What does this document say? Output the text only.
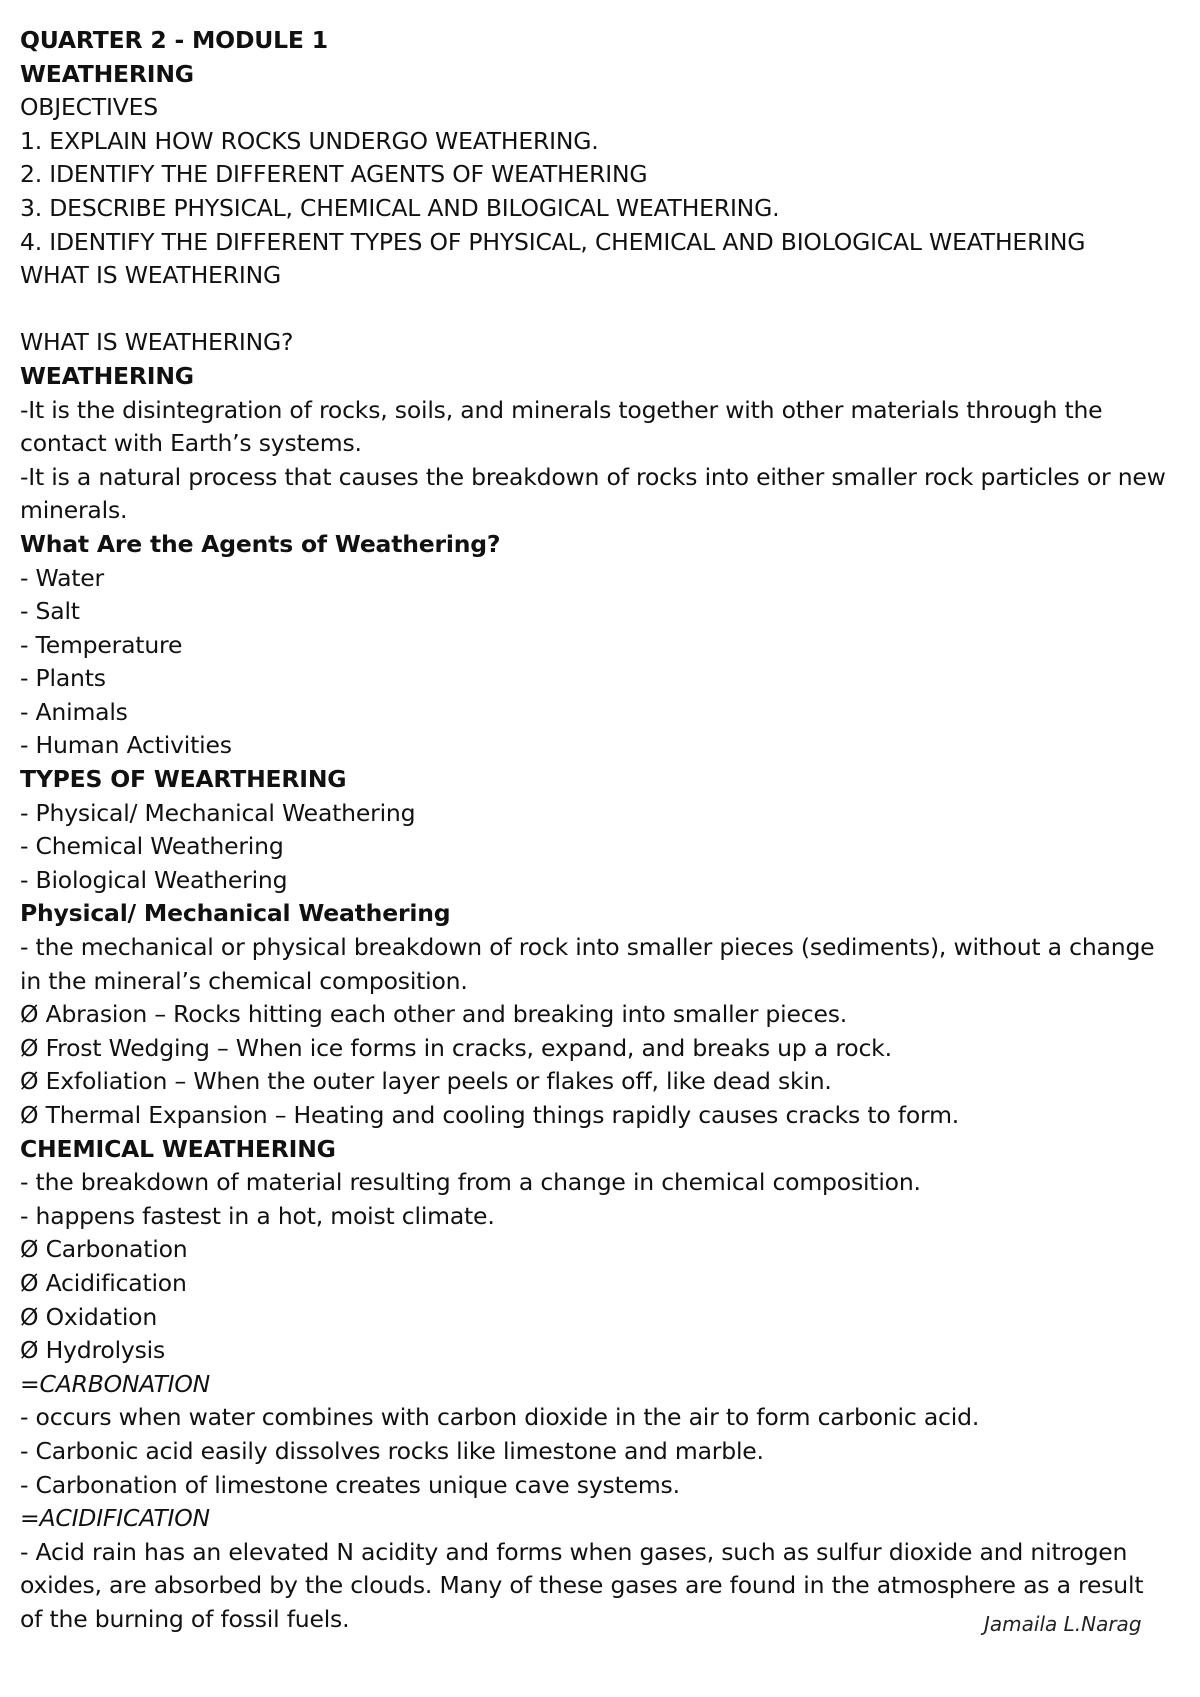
QUARTER 2 - MODULE 1
WEATHERING
OBJECTIVES
1. EXPLAIN HOW ROCKS UNDERGO WEATHERING.
2. IDENTIFY THE DIFFERENT AGENTS OF WEATHERING
3. DESCRIBE PHYSICAL, CHEMICAL AND BILOGICAL WEATHERING.
4. IDENTIFY THE DIFFERENT TYPES OF PHYSICAL, CHEMICAL AND BIOLOGICAL WEATHERING
WHAT IS WEATHERING
WHAT IS WEATHERING?
WEATHERING
-It is the disintegration of rocks, soils, and minerals together with other materials through the contact with Earth’s systems.
-It is a natural process that causes the breakdown of rocks into either smaller rock particles or new minerals.
What Are the Agents of Weathering?
- Water
- Salt
- Temperature
- Plants
- Animals
- Human Activities
TYPES OF WEARTHERING
- Physical/ Mechanical Weathering
- Chemical Weathering
- Biological Weathering
Physical/ Mechanical Weathering
- the mechanical or physical breakdown of rock into smaller pieces (sediments), without a change in the mineral’s chemical composition.
Ø Abrasion – Rocks hitting each other and breaking into smaller pieces.
Ø Frost Wedging – When ice forms in cracks, expand, and breaks up a rock.
Ø Exfoliation – When the outer layer peels or flakes off, like dead skin.
Ø Thermal Expansion – Heating and cooling things rapidly causes cracks to form.
CHEMICAL WEATHERING
- the breakdown of material resulting from a change in chemical composition.
- happens fastest in a hot, moist climate.
Ø Carbonation
Ø Acidification
Ø Oxidation
Ø Hydrolysis
=CARBONATION
- occurs when water combines with carbon dioxide in the air to form carbonic acid.
- Carbonic acid easily dissolves rocks like limestone and marble.
- Carbonation of limestone creates unique cave systems.
=ACIDIFICATION
- Acid rain has an elevated N acidity and forms when gases, such as sulfur dioxide and nitrogen oxides, are absorbed by the clouds. Many of these gases are found in the atmosphere as a result of the burning of fossil fuels.	Jamaila L.Narag
